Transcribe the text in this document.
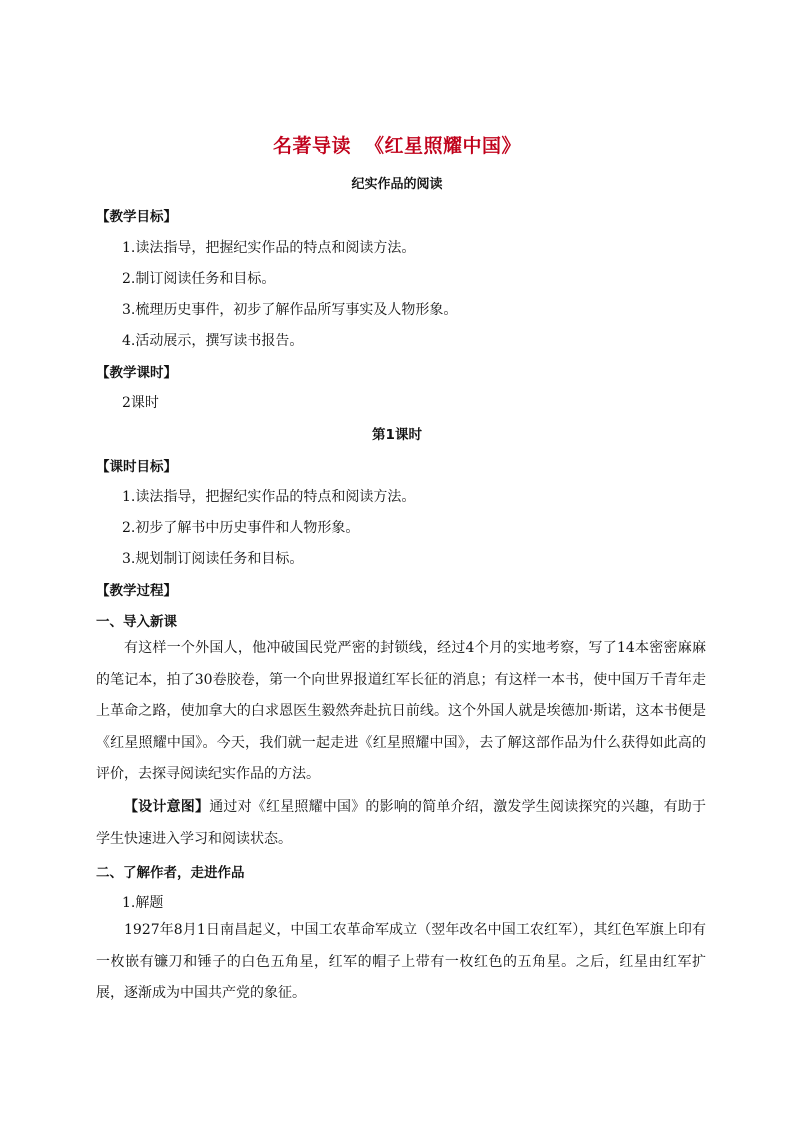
名著导读 《红星照耀中国》
纪实作品的阅读
【教学目标】
1.读法指导，把握纪实作品的特点和阅读方法。
2.制订阅读任务和目标。
3.梳理历史事件，初步了解作品所写事实及人物形象。
4.活动展示，撰写读书报告。
【教学课时】
2课时
第1课时
【课时目标】
1.读法指导，把握纪实作品的特点和阅读方法。
2.初步了解书中历史事件和人物形象。
3.规划制订阅读任务和目标。
【教学过程】
一、导入新课
有这样一个外国人，他冲破国民党严密的封锁线，经过4个月的实地考察，写了14本密密麻麻的笔记本，拍了30卷胶卷，第一个向世界报道红军长征的消息；有这样一本书，使中国万千青年走上革命之路，使加拿大的白求恩医生毅然奔赴抗日前线。这个外国人就是埃德加·斯诺，这本书便是《红星照耀中国》。今天，我们就一起走进《红星照耀中国》，去了解这部作品为什么获得如此高的评价，去探寻阅读纪实作品的方法。
【设计意图】通过对《红星照耀中国》的影响的简单介绍，激发学生阅读探究的兴趣，有助于学生快速进入学习和阅读状态。
二、了解作者，走进作品
1.解题
1927年8月1日南昌起义，中国工农革命军成立（翌年改名中国工农红军），其红色军旗上印有一枚嵌有镰刀和锤子的白色五角星，红军的帽子上带有一枚红色的五角星。之后，红星由红军扩展，逐渐成为中国共产党的象征。
